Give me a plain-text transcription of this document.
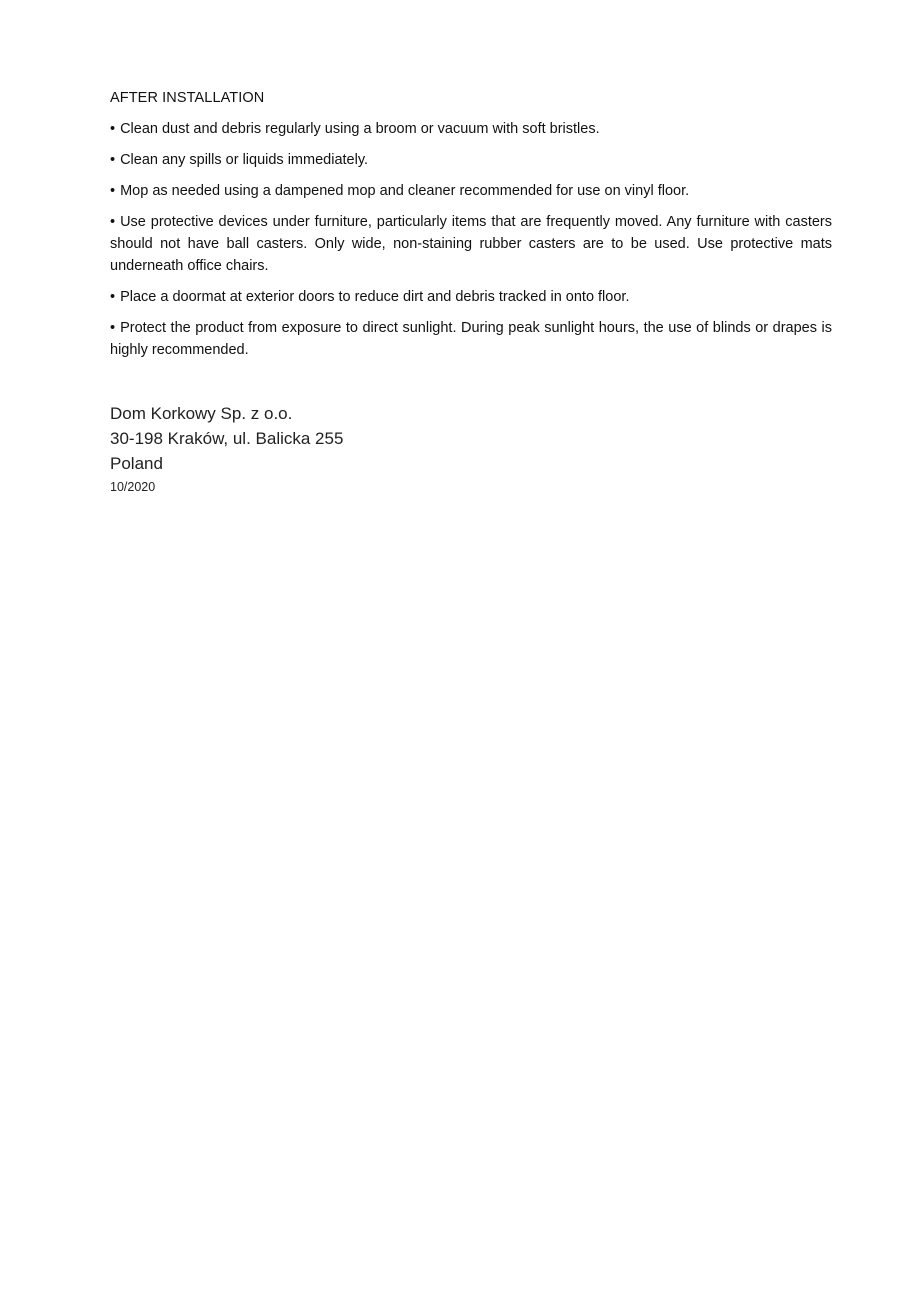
AFTER INSTALLATION
• Clean dust and debris regularly using a broom or vacuum with soft bristles.
• Clean any spills or liquids immediately.
• Mop as needed using a dampened mop and cleaner recommended for use on vinyl floor.
• Use protective devices under furniture, particularly items that are frequently moved. Any furniture with casters should not have ball casters. Only wide, non-staining rubber casters are to be used. Use protective mats underneath office chairs.
• Place a doormat at exterior doors to reduce dirt and debris tracked in onto floor.
• Protect the product from exposure to direct sunlight. During peak sunlight hours, the use of blinds or drapes is highly recommended.
Dom Korkowy Sp. z o.o.
30-198 Kraków, ul. Balicka 255
Poland
10/2020
